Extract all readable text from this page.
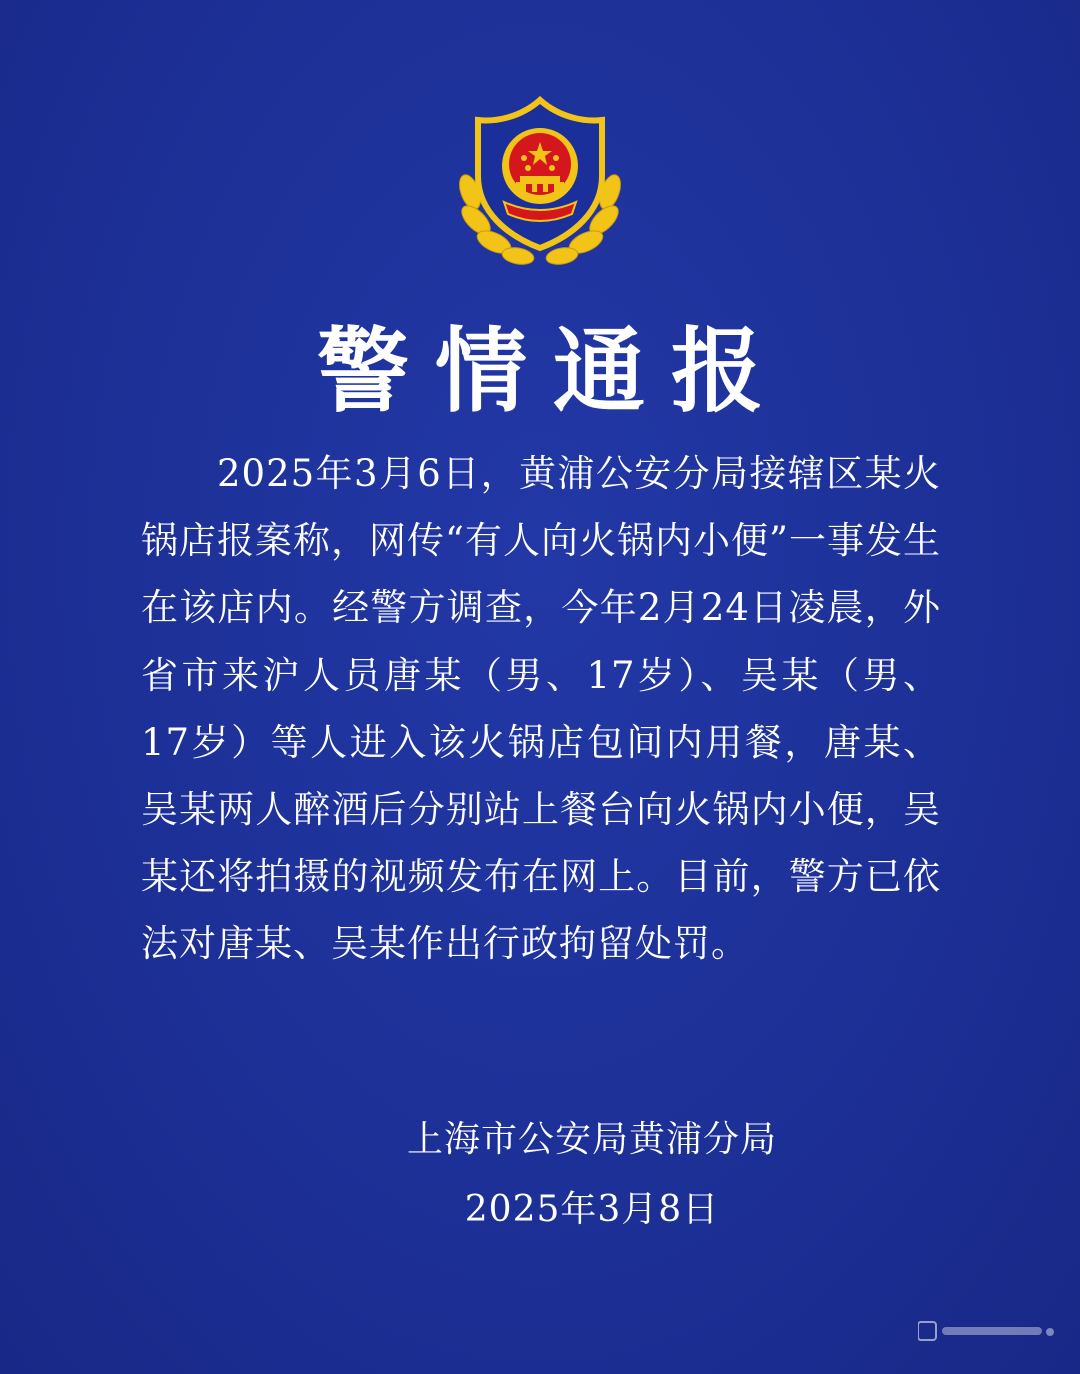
警情通报
2025年3月6日，黄浦公安分局接辖区某火锅店报案称，网传“有人向火锅内小便”一事发生在该店内。经警方调查，今年2月24日凌晨，外省市来沪人员唐某（男、17岁）、吴某（男、17岁）等人进入该火锅店包间内用餐，唐某、吴某两人醉酒后分别站上餐台向火锅内小便，吴某还将拍摄的视频发布在网上。目前，警方已依法对唐某、吴某作出行政拘留处罚。
上海市公安局黄浦分局
2025年3月8日
